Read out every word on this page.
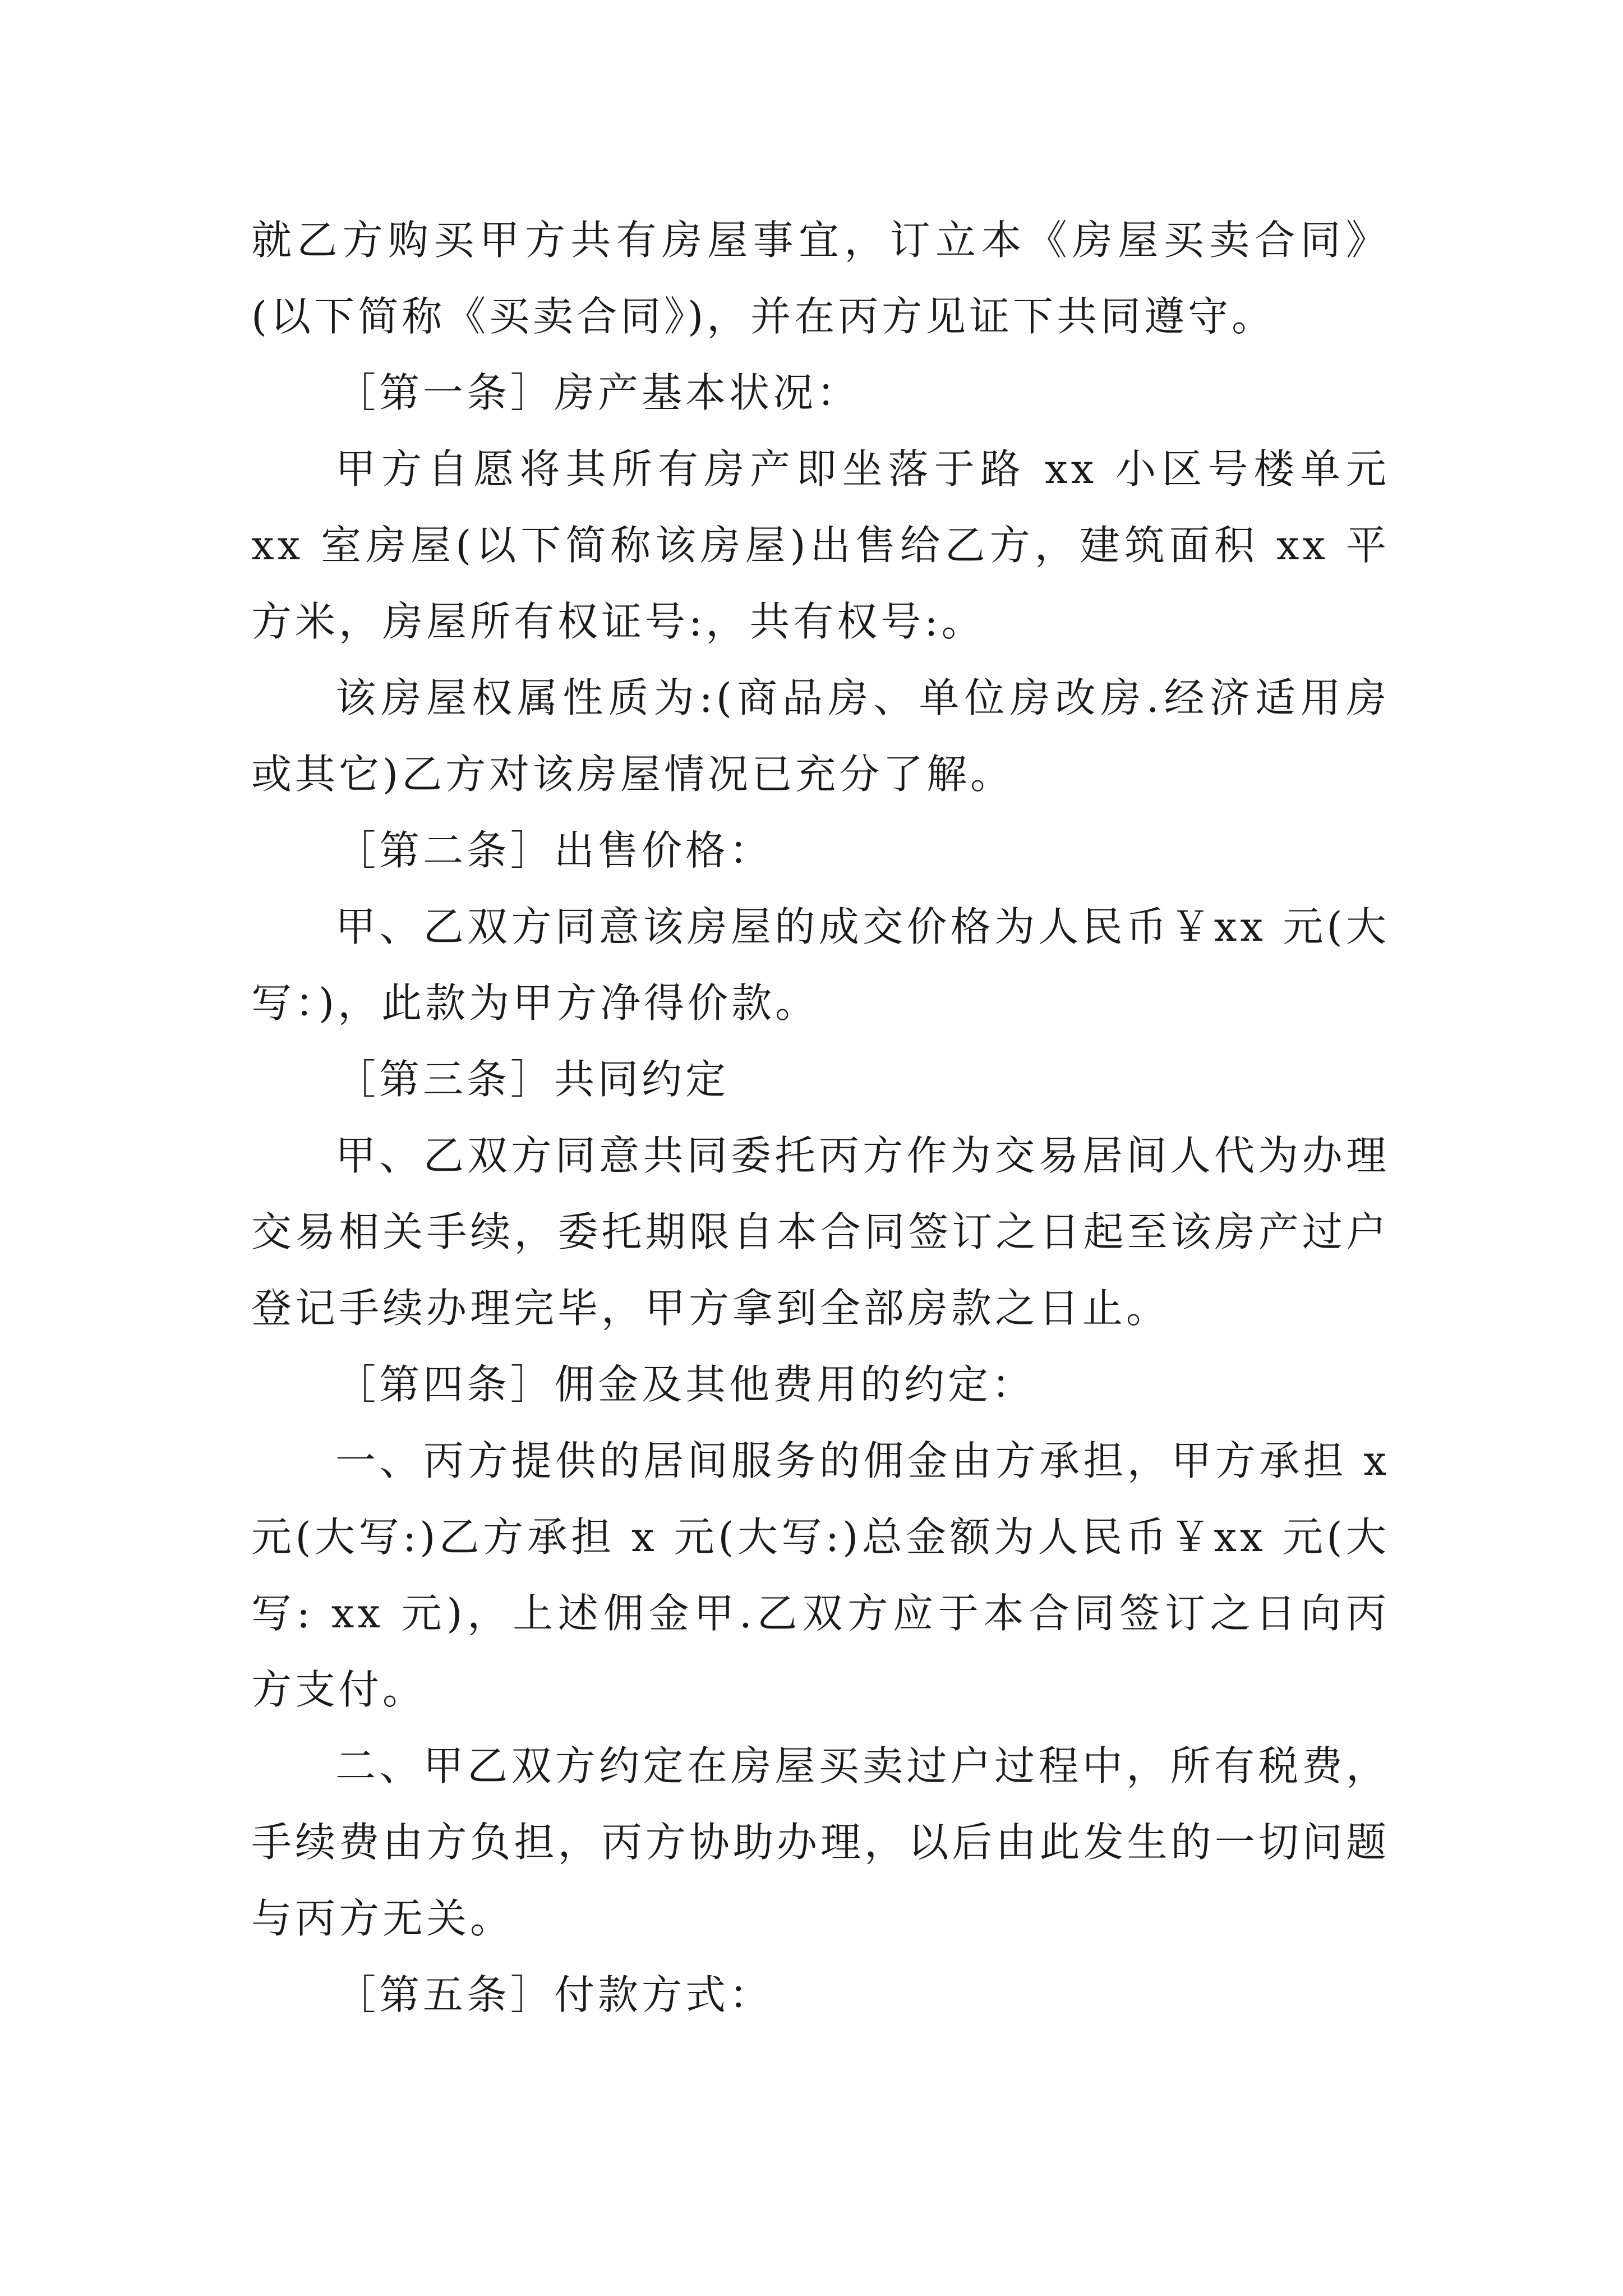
就乙方购买甲方共有房屋事宜，订立本《房屋买卖合同》(以下简称《买卖合同》)，并在丙方见证下共同遵守。

［第一条］房产基本状况：

甲方自愿将其所有房产即坐落于路 xx 小区号楼单元 xx 室房屋(以下简称该房屋)出售给乙方，建筑面积 xx 平方米，房屋所有权证号:，共有权号:。

该房屋权属性质为:(商品房、单位房改房.经济适用房或其它)乙方对该房屋情况已充分了解。

［第二条］出售价格：

甲、乙双方同意该房屋的成交价格为人民币￥xx 元(大写：)，此款为甲方净得价款。

［第三条］共同约定

甲、乙双方同意共同委托丙方作为交易居间人代为办理交易相关手续，委托期限自本合同签订之日起至该房产过户登记手续办理完毕，甲方拿到全部房款之日止。

［第四条］佣金及其他费用的约定：

一、丙方提供的居间服务的佣金由方承担，甲方承担 x 元(大写:)乙方承担 x 元(大写:)总金额为人民币￥xx 元(大写: xx 元)，上述佣金甲.乙双方应于本合同签订之日向丙方支付。

二、甲乙双方约定在房屋买卖过户过程中，所有税费，手续费由方负担，丙方协助办理，以后由此发生的一切问题与丙方无关。

［第五条］付款方式：
